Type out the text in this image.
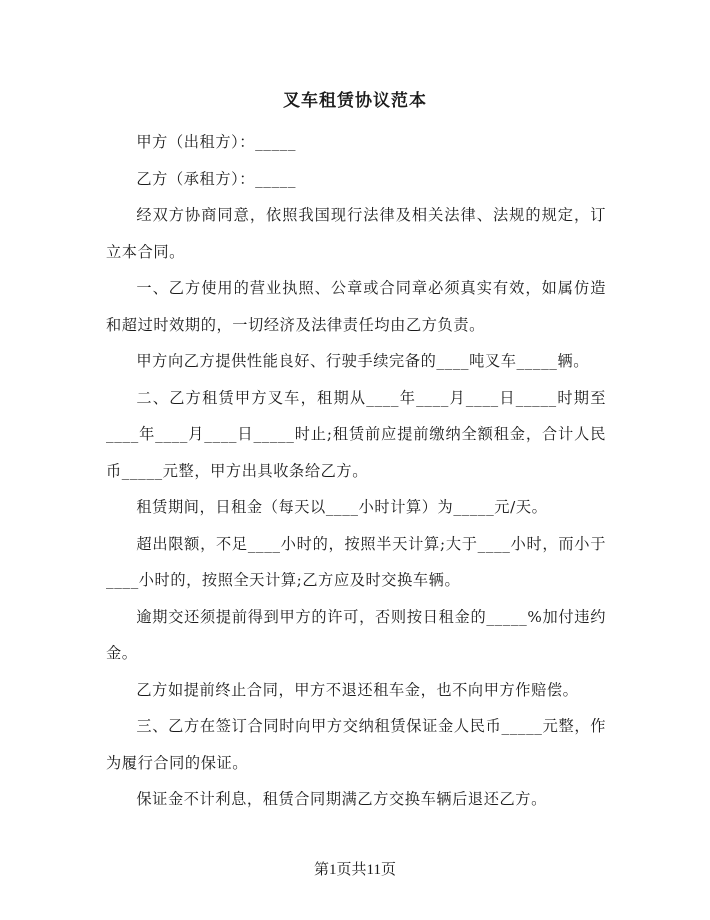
叉车租赁协议范本

甲方（出租方）：_____

乙方（承租方）：_____

经双方协商同意，依照我国现行法律及相关法律、法规的规定，订立本合同。

一、乙方使用的营业执照、公章或合同章必须真实有效，如属仿造和超过时效期的，一切经济及法律责任均由乙方负责。

甲方向乙方提供性能良好、行驶手续完备的____吨叉车_____辆。

二、乙方租赁甲方叉车，租期从____年____月____日_____时期至____年____月____日_____时止;租赁前应提前缴纳全额租金，合计人民币_____元整，甲方出具收条给乙方。

租赁期间，日租金（每天以____小时计算）为_____元/天。

超出限额，不足____小时的，按照半天计算;大于____小时，而小于____小时的，按照全天计算;乙方应及时交换车辆。

逾期交还须提前得到甲方的许可，否则按日租金的_____%加付违约金。

乙方如提前终止合同，甲方不退还租车金，也不向甲方作赔偿。

三、乙方在签订合同时向甲方交纳租赁保证金人民币_____元整，作为履行合同的保证。

保证金不计利息，租赁合同期满乙方交换车辆后退还乙方。

第1页共11页
